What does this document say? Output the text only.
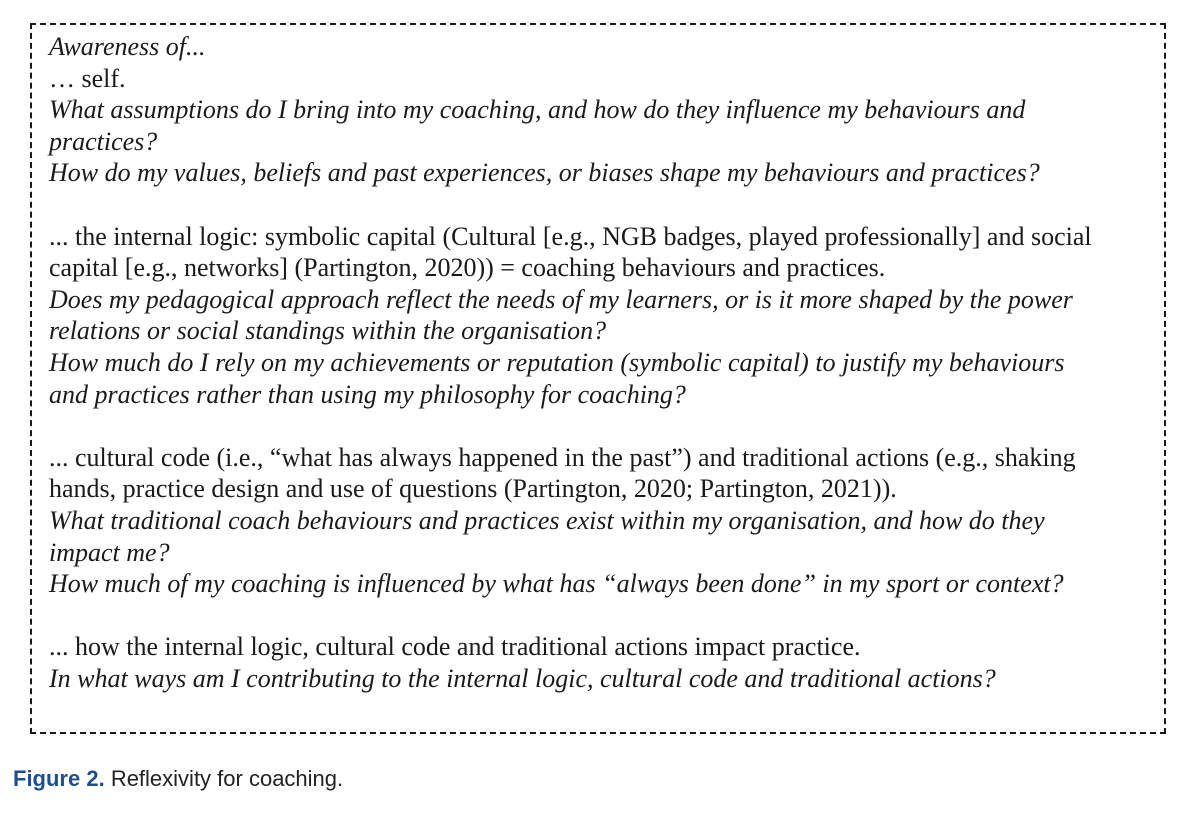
Awareness of...

… self.

What assumptions do I bring into my coaching, and how do they influence my behaviours and

practices?

How do my values, beliefs and past experiences, or biases shape my behaviours and practices?

... the internal logic: symbolic capital (Cultural [e.g., NGB badges, played professionally] and social

capital [e.g., networks] (Partington, 2020)) = coaching behaviours and practices.

Does my pedagogical approach reflect the needs of my learners, or is it more shaped by the power

relations or social standings within the organisation?

How much do I rely on my achievements or reputation (symbolic capital) to justify my behaviours

and practices rather than using my philosophy for coaching?

... cultural code (i.e., “what has always happened in the past”) and traditional actions (e.g., shaking

hands, practice design and use of questions (Partington, 2020; Partington, 2021)).

What traditional coach behaviours and practices exist within my organisation, and how do they

impact me?

How much of my coaching is influenced by what has “always been done” in my sport or context?

... how the internal logic, cultural code and traditional actions impact practice.

In what ways am I contributing to the internal logic, cultural code and traditional actions?

Figure 2. Reflexivity for coaching.
